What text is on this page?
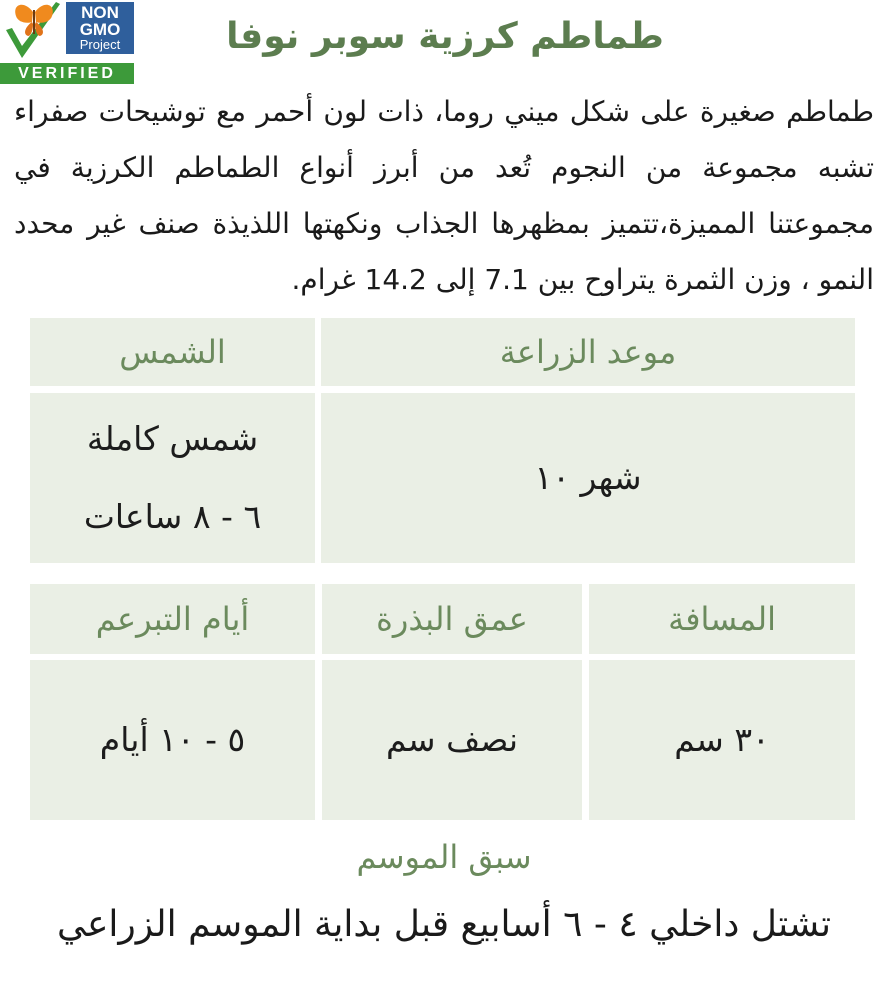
NON
GMO
Project
VERIFIED
طماطم كرزية سوبر نوفا

طماطم صغيرة على شكل ميني روما، ذات لون أحمر مع توشيحات صفراء تشبه مجموعة من النجوم تُعد من أبرز أنواع الطماطم الكرزية في مجموعتنا المميزة،تتميز بمظهرها الجذاب ونكهتها اللذيذة صنف غير محدد النمو ، وزن الثمرة يتراوح بين 7.1 إلى 14.2 غرام.

موعد الزراعة
الشمس
شهر ١٠
شمس كاملة
٦ - ٨ ساعات
المسافة
عمق البذرة
أيام التبرعم
٣٠ سم
نصف سم
٥ - ١٠ أيام
سبق الموسم
تشتل داخلي ٤ - ٦ أسابيع قبل بداية الموسم الزراعي
